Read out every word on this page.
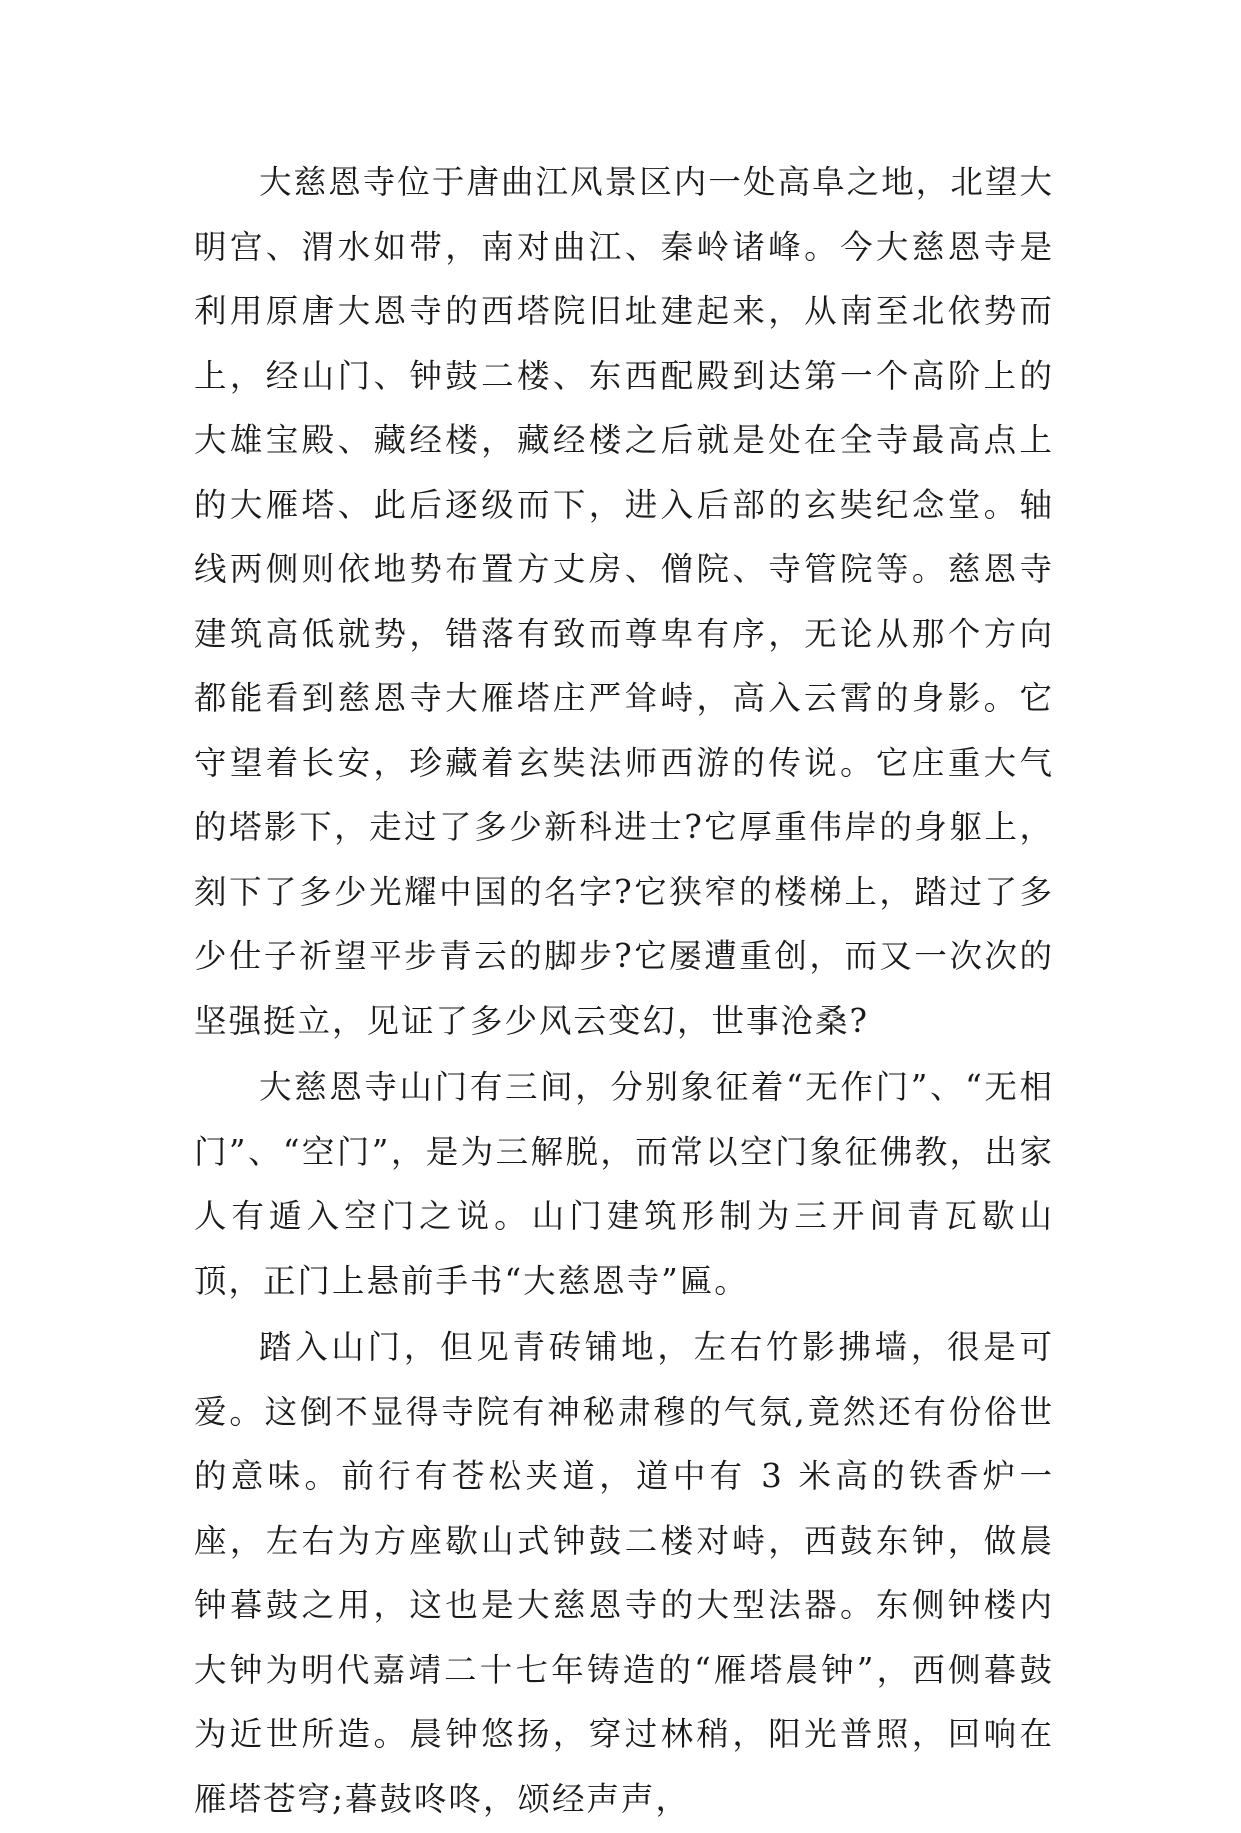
大慈恩寺位于唐曲江风景区内一处高阜之地，北望大明宫、渭水如带，南对曲江、秦岭诸峰。今大慈恩寺是利用原唐大恩寺的西塔院旧址建起来，从南至北依势而上，经山门、钟鼓二楼、东西配殿到达第一个高阶上的大雄宝殿、藏经楼，藏经楼之后就是处在全寺最高点上的大雁塔、此后逐级而下，进入后部的玄奘纪念堂。轴线两侧则依地势布置方丈房、僧院、寺管院等。慈恩寺建筑高低就势，错落有致而尊卑有序，无论从那个方向都能看到慈恩寺大雁塔庄严耸峙，高入云霄的身影。它守望着长安，珍藏着玄奘法师西游的传说。它庄重大气的塔影下，走过了多少新科进士?它厚重伟岸的身躯上，刻下了多少光耀中国的名字?它狭窄的楼梯上，踏过了多少仕子祈望平步青云的脚步?它屡遭重创，而又一次次的坚强挺立，见证了多少风云变幻，世事沧桑?

大慈恩寺山门有三间，分别象征着“无作门”、“无相门”、“空门”，是为三解脱，而常以空门象征佛教，出家人有遁入空门之说。山门建筑形制为三开间青瓦歇山顶，正门上悬前手书“大慈恩寺”匾。

踏入山门，但见青砖铺地，左右竹影拂墙，很是可爱。这倒不显得寺院有神秘肃穆的气氛,竟然还有份俗世的意味。前行有苍松夹道，道中有 3 米高的铁香炉一座，左右为方座歇山式钟鼓二楼对峙，西鼓东钟，做晨钟暮鼓之用，这也是大慈恩寺的大型法器。东侧钟楼内大钟为明代嘉靖二十七年铸造的“雁塔晨钟”，西侧暮鼓为近世所造。晨钟悠扬，穿过林稍，阳光普照，回响在雁塔苍穹;暮鼓咚咚，颂经声声，
